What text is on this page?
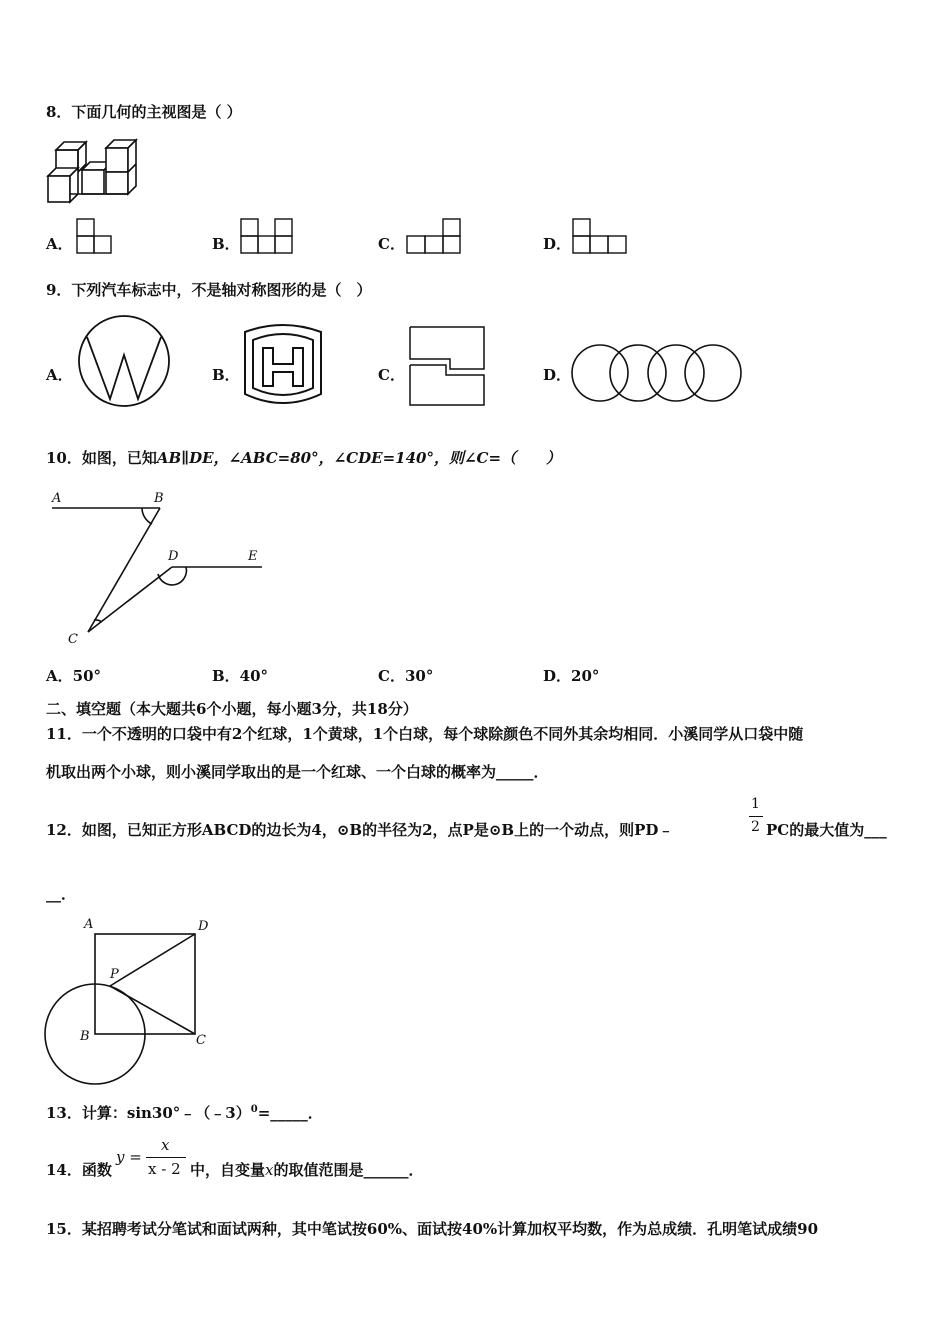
8．下面几何的主视图是（ ）
A．	B．	C．	D．
9．下列汽车标志中，不是轴对称图形的是（　）
A．	B．	C．	D．
10．如图，已知AB∥DE，∠ABC=80°，∠CDE=140°，则∠C=（　　）
A	B
D	E
C
A．50°	B．40°	C．30°	D．20°
二、填空题（本大题共6个小题，每小题3分，共18分）
11．一个不透明的口袋中有2个红球，1个黄球，1个白球，每个球除颜色不同外其余均相同．小溪同学从口袋中随
机取出两个小球，则小溪同学取出的是一个红球、一个白球的概率为_____．
12．如图，已知正方形ABCD的边长为4，⊙B的半径为2，点P是⊙B上的一个动点，则PD﹣
1
2 PC的最大值为___
__．
A	D
P
B	C
13．计算：sin30°﹣（﹣3）$^0$=_____．
14．函数
y =
x
x - 2 中，自变量x的取值范围是______．
15．某招聘考试分笔试和面试两种，其中笔试按60%、面试按40%计算加权平均数，作为总成绩．孔明笔试成绩90
